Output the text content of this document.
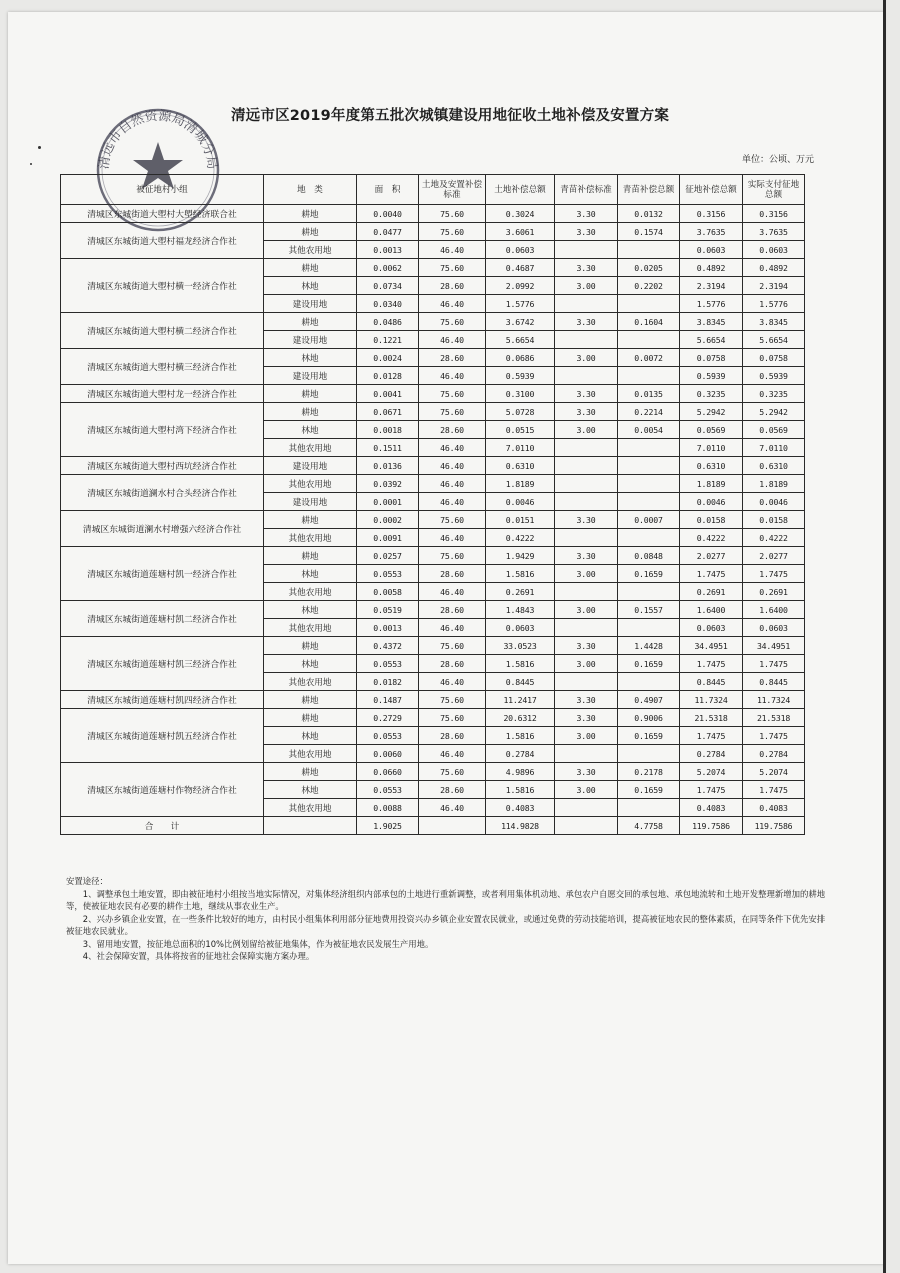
清远市自然资源局清城分局
清远市区2019年度第五批次城镇建设用地征收土地补偿及安置方案
单位：公顷、万元
被征地村小组	地　类	面　积	土地及安置补偿标准	土地补偿总额	青苗补偿标准	青苗补偿总额	征地补偿总额	实际支付征地总额
清城区东城街道大塱村大塱经济联合社	耕地	0.0040	75.60	0.3024	3.30	0.0132	0.3156	0.3156
清城区东城街道大塱村福龙经济合作社	耕地	0.0477	75.60	3.6061	3.30	0.1574	3.7635	3.7635
	其他农用地	0.0013	46.40	0.0603			0.0603	0.0603
清城区东城街道大塱村横一经济合作社	耕地	0.0062	75.60	0.4687	3.30	0.0205	0.4892	0.4892
	林地	0.0734	28.60	2.0992	3.00	0.2202	2.3194	2.3194
	建设用地	0.0340	46.40	1.5776			1.5776	1.5776
清城区东城街道大塱村横二经济合作社	耕地	0.0486	75.60	3.6742	3.30	0.1604	3.8345	3.8345
	建设用地	0.1221	46.40	5.6654			5.6654	5.6654
清城区东城街道大塱村横三经济合作社	林地	0.0024	28.60	0.0686	3.00	0.0072	0.0758	0.0758
	建设用地	0.0128	46.40	0.5939			0.5939	0.5939
清城区东城街道大塱村龙一经济合作社	耕地	0.0041	75.60	0.3100	3.30	0.0135	0.3235	0.3235
清城区东城街道大塱村湾下经济合作社	耕地	0.0671	75.60	5.0728	3.30	0.2214	5.2942	5.2942
	林地	0.0018	28.60	0.0515	3.00	0.0054	0.0569	0.0569
	其他农用地	0.1511	46.40	7.0110			7.0110	7.0110
清城区东城街道大塱村西坑经济合作社	建设用地	0.0136	46.40	0.6310			0.6310	0.6310
清城区东城街道澜水村合头经济合作社	其他农用地	0.0392	46.40	1.8189			1.8189	1.8189
	建设用地	0.0001	46.40	0.0046			0.0046	0.0046
清城区东城街道澜水村增强六经济合作社	耕地	0.0002	75.60	0.0151	3.30	0.0007	0.0158	0.0158
	其他农用地	0.0091	46.40	0.4222			0.4222	0.4222
清城区东城街道莲塘村凯一经济合作社	耕地	0.0257	75.60	1.9429	3.30	0.0848	2.0277	2.0277
	林地	0.0553	28.60	1.5816	3.00	0.1659	1.7475	1.7475
	其他农用地	0.0058	46.40	0.2691			0.2691	0.2691
清城区东城街道莲塘村凯二经济合作社	林地	0.0519	28.60	1.4843	3.00	0.1557	1.6400	1.6400
	其他农用地	0.0013	46.40	0.0603			0.0603	0.0603
清城区东城街道莲塘村凯三经济合作社	耕地	0.4372	75.60	33.0523	3.30	1.4428	34.4951	34.4951
	林地	0.0553	28.60	1.5816	3.00	0.1659	1.7475	1.7475
	其他农用地	0.0182	46.40	0.8445			0.8445	0.8445
清城区东城街道莲塘村凯四经济合作社	耕地	0.1487	75.60	11.2417	3.30	0.4907	11.7324	11.7324
清城区东城街道莲塘村凯五经济合作社	耕地	0.2729	75.60	20.6312	3.30	0.9006	21.5318	21.5318
	林地	0.0553	28.60	1.5816	3.00	0.1659	1.7475	1.7475
	其他农用地	0.0060	46.40	0.2784			0.2784	0.2784
清城区东城街道莲塘村作物经济合作社	耕地	0.0660	75.60	4.9896	3.30	0.2178	5.2074	5.2074
	林地	0.0553	28.60	1.5816	3.00	0.1659	1.7475	1.7475
	其他农用地	0.0088	46.40	0.4083			0.4083	0.4083
合　　计		1.9025		114.9828		4.7758	119.7586	119.7586

安置途径：

1、调整承包土地安置，即由被征地村小组按当地实际情况，对集体经济组织内部承包的土地进行重新调整，或者利用集体机动地、承包农户自愿交回的承包地、承包地流转和土地开发整理新增加的耕地等，使被征地农民有必要的耕作土地，继续从事农业生产。

2、兴办乡镇企业安置，在一些条件比较好的地方，由村民小组集体利用部分征地费用投资兴办乡镇企业安置农民就业，或通过免费的劳动技能培训，提高被征地农民的整体素质，在同等条件下优先安排被征地农民就业。

3、留用地安置，按征地总面积的10%比例划留给被征地集体，作为被征地农民发展生产用地。

4、社会保障安置，具体将按省的征地社会保障实施方案办理。
